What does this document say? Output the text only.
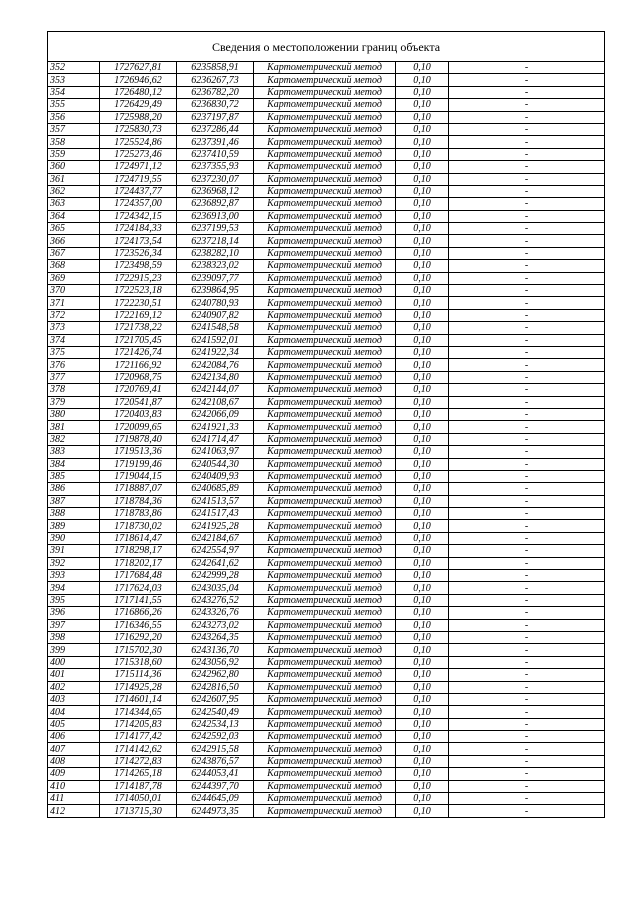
Сведения о местоположении границ объекта
352	1727627,81	6235858,91	Картометрический метод	0,10	-
353	1726946,62	6236267,73	Картометрический метод	0,10	-
354	1726480,12	6236782,20	Картометрический метод	0,10	-
355	1726429,49	6236830,72	Картометрический метод	0,10	-
356	1725988,20	6237197,87	Картометрический метод	0,10	-
357	1725830,73	6237286,44	Картометрический метод	0,10	-
358	1725524,86	6237391,46	Картометрический метод	0,10	-
359	1725273,46	6237410,59	Картометрический метод	0,10	-
360	1724971,12	6237355,93	Картометрический метод	0,10	-
361	1724719,55	6237230,07	Картометрический метод	0,10	-
362	1724437,77	6236968,12	Картометрический метод	0,10	-
363	1724357,00	6236892,87	Картометрический метод	0,10	-
364	1724342,15	6236913,00	Картометрический метод	0,10	-
365	1724184,33	6237199,53	Картометрический метод	0,10	-
366	1724173,54	6237218,14	Картометрический метод	0,10	-
367	1723526,34	6238282,10	Картометрический метод	0,10	-
368	1723498,59	6238323,02	Картометрический метод	0,10	-
369	1722915,23	6239097,77	Картометрический метод	0,10	-
370	1722523,18	6239864,95	Картометрический метод	0,10	-
371	1722230,51	6240780,93	Картометрический метод	0,10	-
372	1722169,12	6240907,82	Картометрический метод	0,10	-
373	1721738,22	6241548,58	Картометрический метод	0,10	-
374	1721705,45	6241592,01	Картометрический метод	0,10	-
375	1721426,74	6241922,34	Картометрический метод	0,10	-
376	1721166,92	6242084,76	Картометрический метод	0,10	-
377	1720968,75	6242134,80	Картометрический метод	0,10	-
378	1720769,41	6242144,07	Картометрический метод	0,10	-
379	1720541,87	6242108,67	Картометрический метод	0,10	-
380	1720403,83	6242066,09	Картометрический метод	0,10	-
381	1720099,65	6241921,33	Картометрический метод	0,10	-
382	1719878,40	6241714,47	Картометрический метод	0,10	-
383	1719513,36	6241063,97	Картометрический метод	0,10	-
384	1719199,46	6240544,30	Картометрический метод	0,10	-
385	1719044,15	6240409,93	Картометрический метод	0,10	-
386	1718887,07	6240685,89	Картометрический метод	0,10	-
387	1718784,36	6241513,57	Картометрический метод	0,10	-
388	1718783,86	6241517,43	Картометрический метод	0,10	-
389	1718730,02	6241925,28	Картометрический метод	0,10	-
390	1718614,47	6242184,67	Картометрический метод	0,10	-
391	1718298,17	6242554,97	Картометрический метод	0,10	-
392	1718202,17	6242641,62	Картометрический метод	0,10	-
393	1717684,48	6242999,28	Картометрический метод	0,10	-
394	1717624,03	6243035,04	Картометрический метод	0,10	-
395	1717141,55	6243276,52	Картометрический метод	0,10	-
396	1716866,26	6243326,76	Картометрический метод	0,10	-
397	1716346,55	6243273,02	Картометрический метод	0,10	-
398	1716292,20	6243264,35	Картометрический метод	0,10	-
399	1715702,30	6243136,70	Картометрический метод	0,10	-
400	1715318,60	6243056,92	Картометрический метод	0,10	-
401	1715114,36	6242962,80	Картометрический метод	0,10	-
402	1714925,28	6242816,50	Картометрический метод	0,10	-
403	1714601,14	6242607,95	Картометрический метод	0,10	-
404	1714344,65	6242540,49	Картометрический метод	0,10	-
405	1714205,83	6242534,13	Картометрический метод	0,10	-
406	1714177,42	6242592,03	Картометрический метод	0,10	-
407	1714142,62	6242915,58	Картометрический метод	0,10	-
408	1714272,83	6243876,57	Картометрический метод	0,10	-
409	1714265,18	6244053,41	Картометрический метод	0,10	-
410	1714187,78	6244397,70	Картометрический метод	0,10	-
411	1714050,01	6244645,09	Картометрический метод	0,10	-
412	1713715,30	6244973,35	Картометрический метод	0,10	-
